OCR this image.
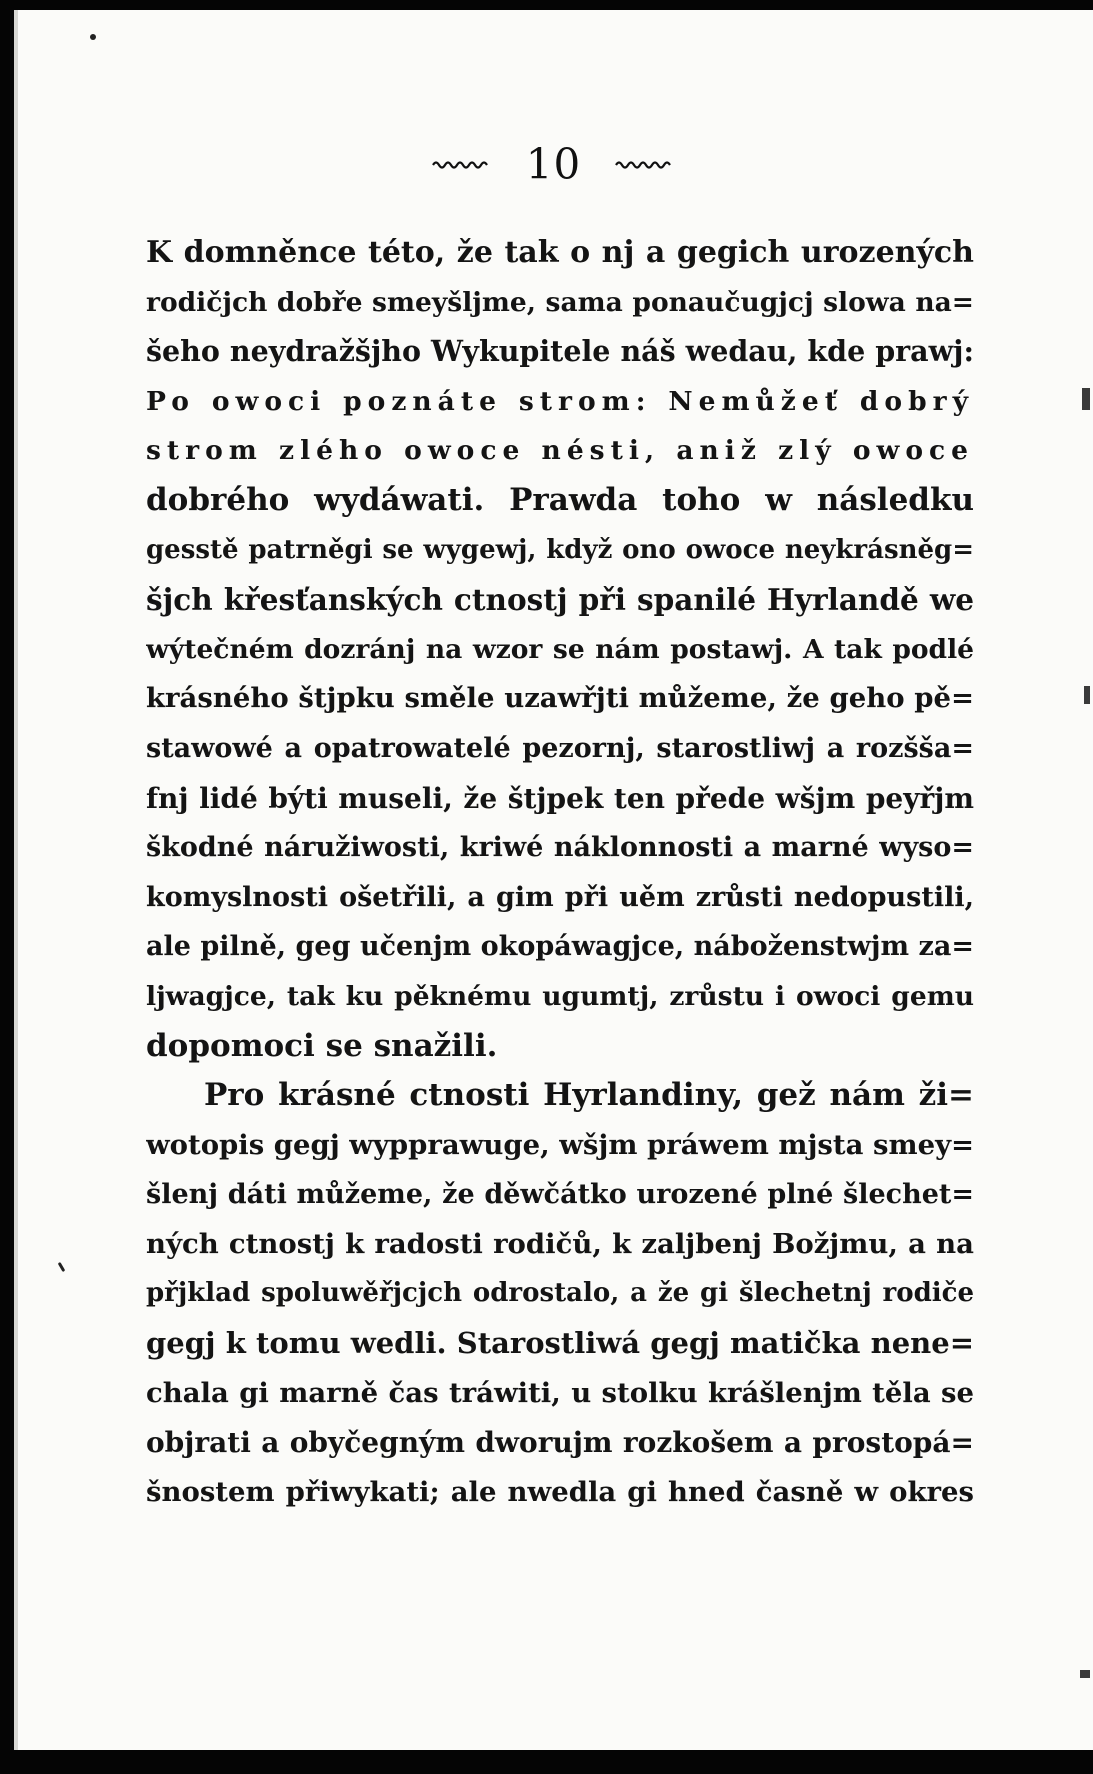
10
K domněnce této, že tak o nj a gegich urozených
rodičjch dobře smeyšljme, sama ponaučugjcj slowa na=
šeho neydražšjho Wykupitele náš wedau, kde prawj:
Po owoci poznáte strom: Nemůžeť dobrý
strom zlého owoce nésti, aniž zlý owoce
dobrého wydáwati. Prawda toho w následku
gesstě patrněgi se wygewj, když ono owoce neykrásněg=
šjch křesťanských ctnostj při spanilé Hyrlandě we
wýtečném dozránj na wzor se nám postawj. A tak podlé
krásného štjpku směle uzawřjti můžeme, že geho pě=
stawowé a opatrowatelé pezornj, starostliwj a rozšša=
fnj lidé býti museli, že štjpek ten přede wšjm peyřjm
škodné náružiwosti, kriwé náklonnosti a marné wyso=
komyslnosti ošetřili, a gim při uěm zrůsti nedopustili,
ale pilně, geg učenjm okopáwagjce, náboženstwjm za=
ljwagjce, tak ku pěknému ugumtj, zrůstu i owoci gemu
dopomoci se snažili.
Pro krásné ctnosti Hyrlandiny, gež nám ži=
wotopis gegj wypprawuge, wšjm práwem mjsta smey=
šlenj dáti můžeme, že děwčátko urozené plné šlechet=
ných ctnostj k radosti rodičů, k zaljbenj Božjmu, a na
přjklad spoluwěřjcjch odrostalo, a že gi šlechetnj rodiče
gegj k tomu wedli. Starostliwá gegj matička nene=
chala gi marně čas tráwiti, u stolku krášlenjm těla se
objrati a obyčegným dworujm rozkošem a prostopá=
šnostem přiwykati; ale nwedla gi hned časně w okres
